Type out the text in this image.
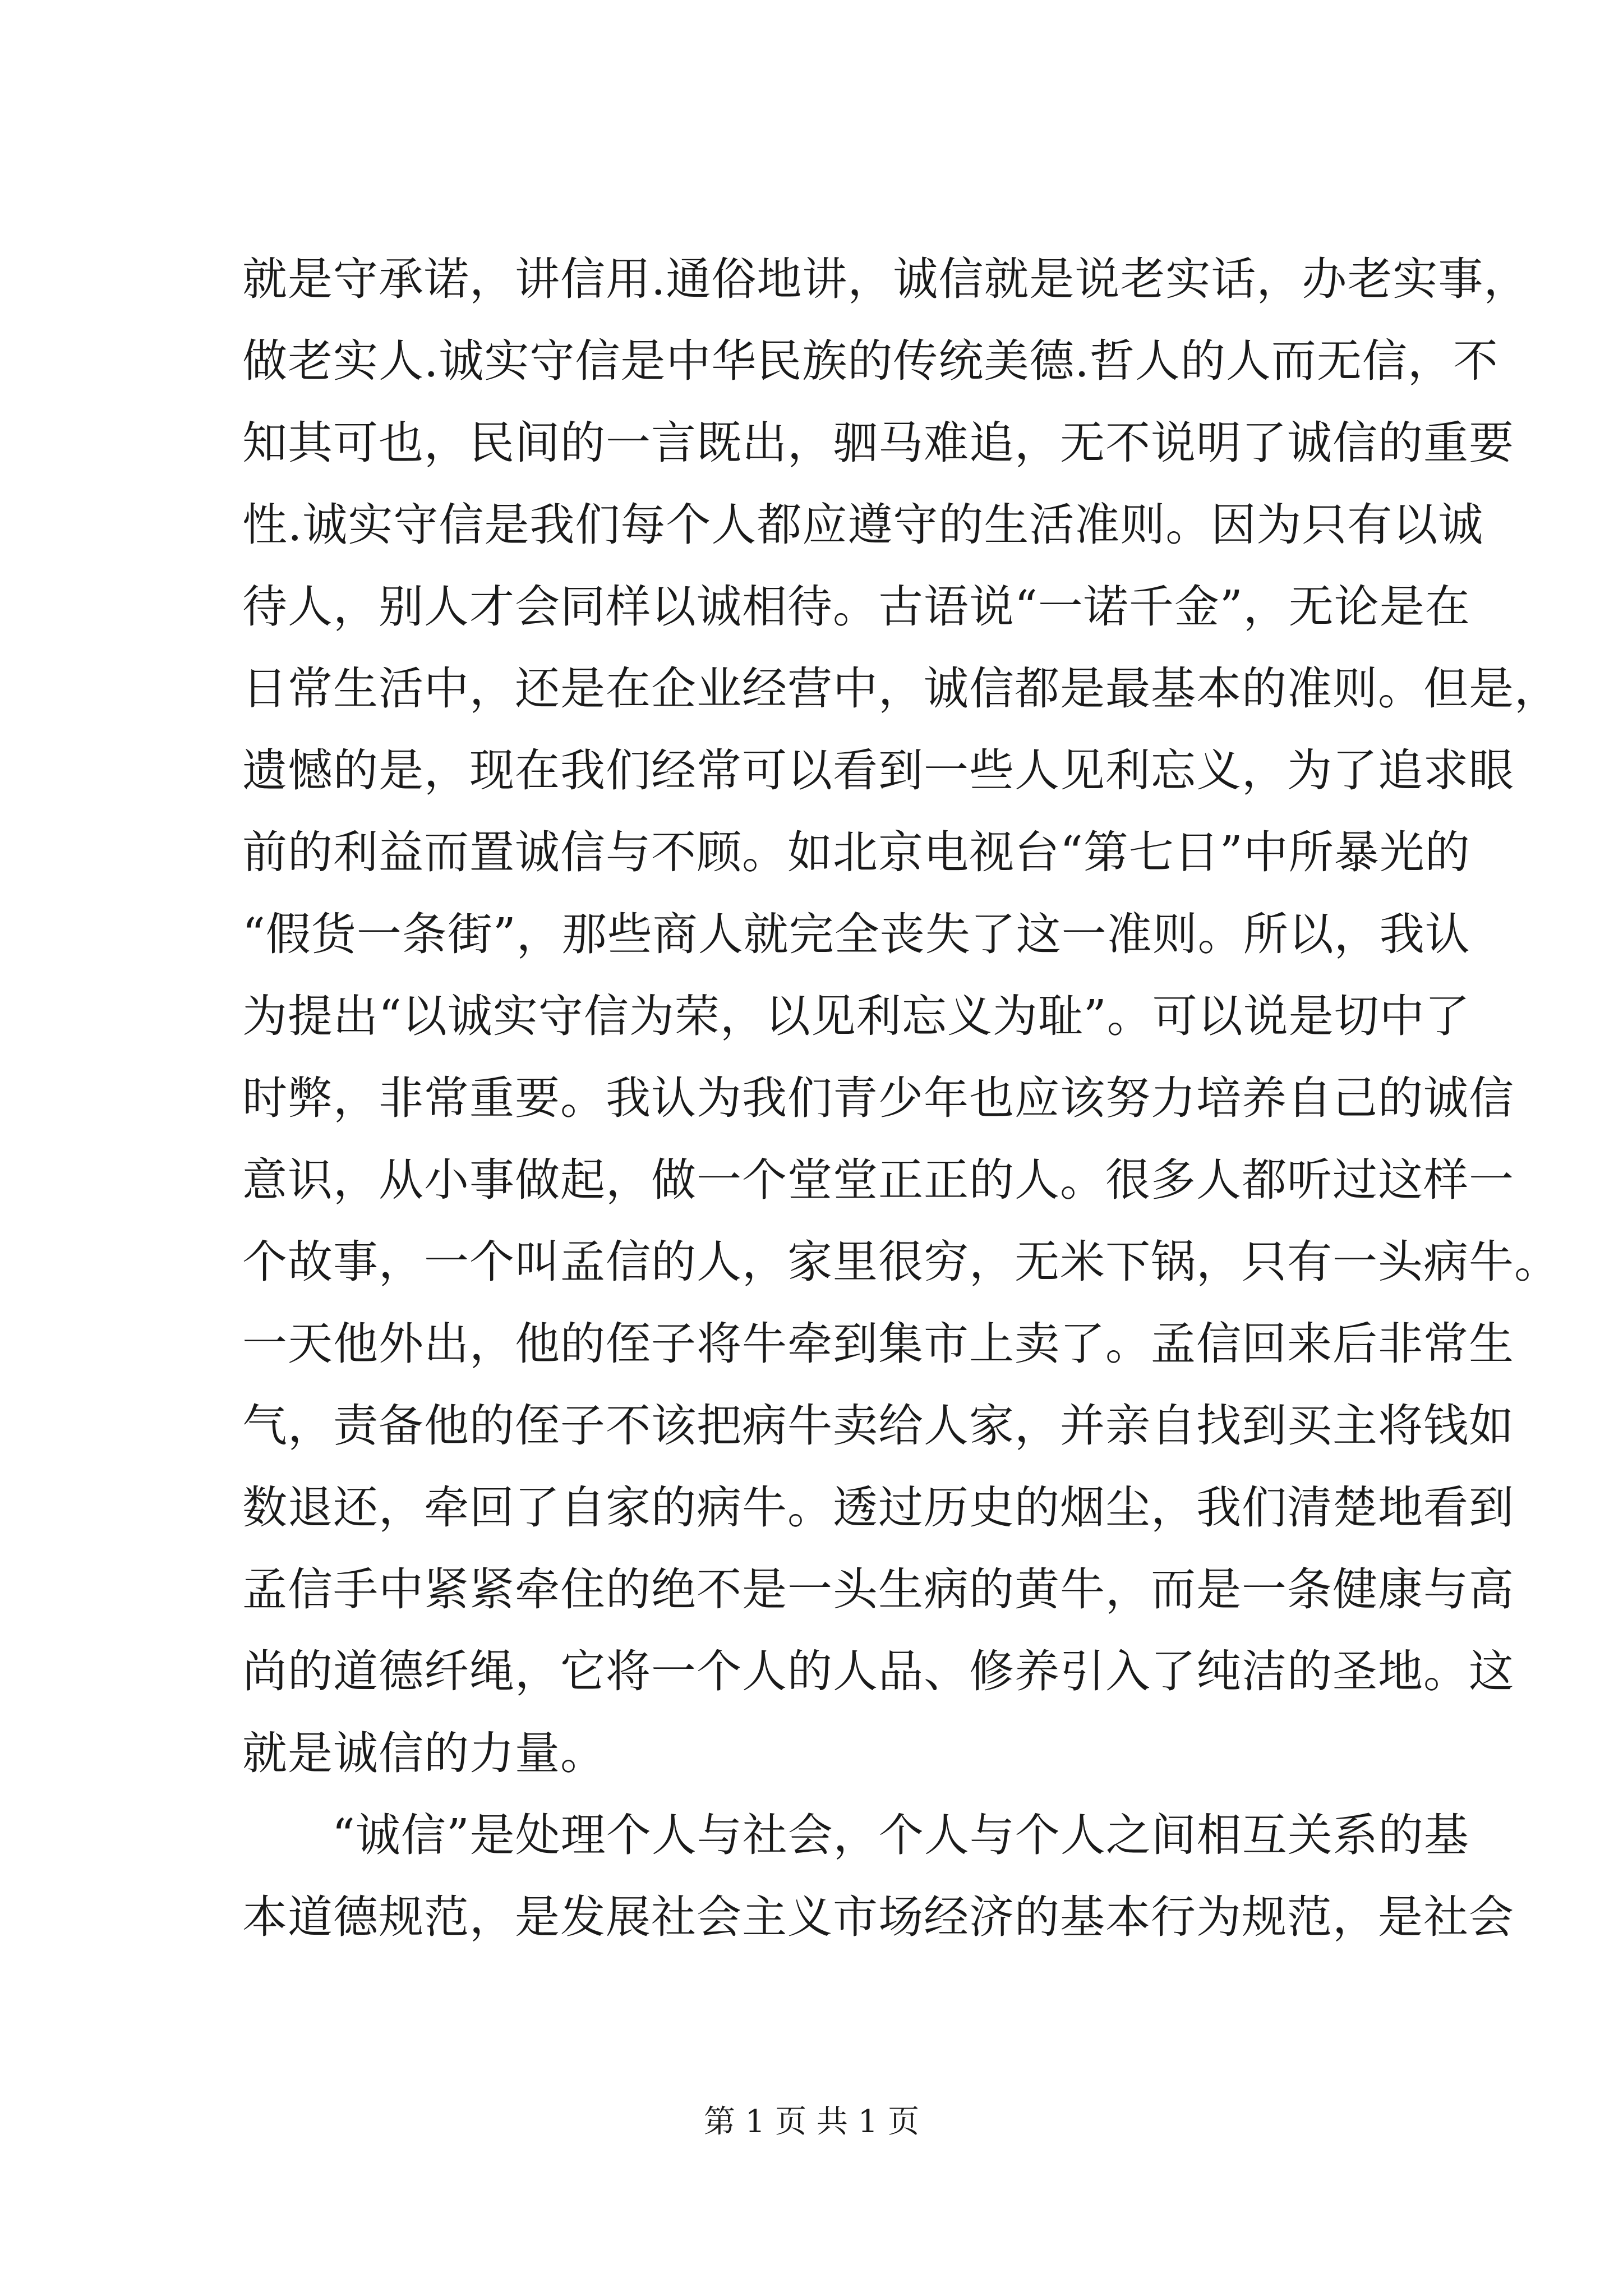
就是守承诺，讲信用.通俗地讲，诚信就是说老实话，办老实事，
做老实人.诚实守信是中华民族的传统美德.哲人的人而无信，不
知其可也，民间的一言既出，驷马难追，无不说明了诚信的重要
性.诚实守信是我们每个人都应遵守的生活准则。因为只有以诚
待人，别人才会同样以诚相待。古语说“一诺千金”，无论是在
日常生活中，还是在企业经营中，诚信都是最基本的准则。但是，
遗憾的是，现在我们经常可以看到一些人见利忘义，为了追求眼
前的利益而置诚信与不顾。如北京电视台“第七日”中所暴光的
“假货一条街”，那些商人就完全丧失了这一准则。所以，我认
为提出“以诚实守信为荣，以见利忘义为耻”。可以说是切中了
时弊，非常重要。我认为我们青少年也应该努力培养自己的诚信
意识，从小事做起，做一个堂堂正正的人。很多人都听过这样一
个故事，一个叫孟信的人，家里很穷，无米下锅，只有一头病牛。
一天他外出，他的侄子将牛牵到集市上卖了。孟信回来后非常生
气，责备他的侄子不该把病牛卖给人家，并亲自找到买主将钱如
数退还，牵回了自家的病牛。透过历史的烟尘，我们清楚地看到
孟信手中紧紧牵住的绝不是一头生病的黄牛，而是一条健康与高
尚的道德纤绳，它将一个人的人品、修养引入了纯洁的圣地。这
就是诚信的力量。
“诚信”是处理个人与社会，个人与个人之间相互关系的基
本道德规范，是发展社会主义市场经济的基本行为规范，是社会
第 1 页 共 1 页
